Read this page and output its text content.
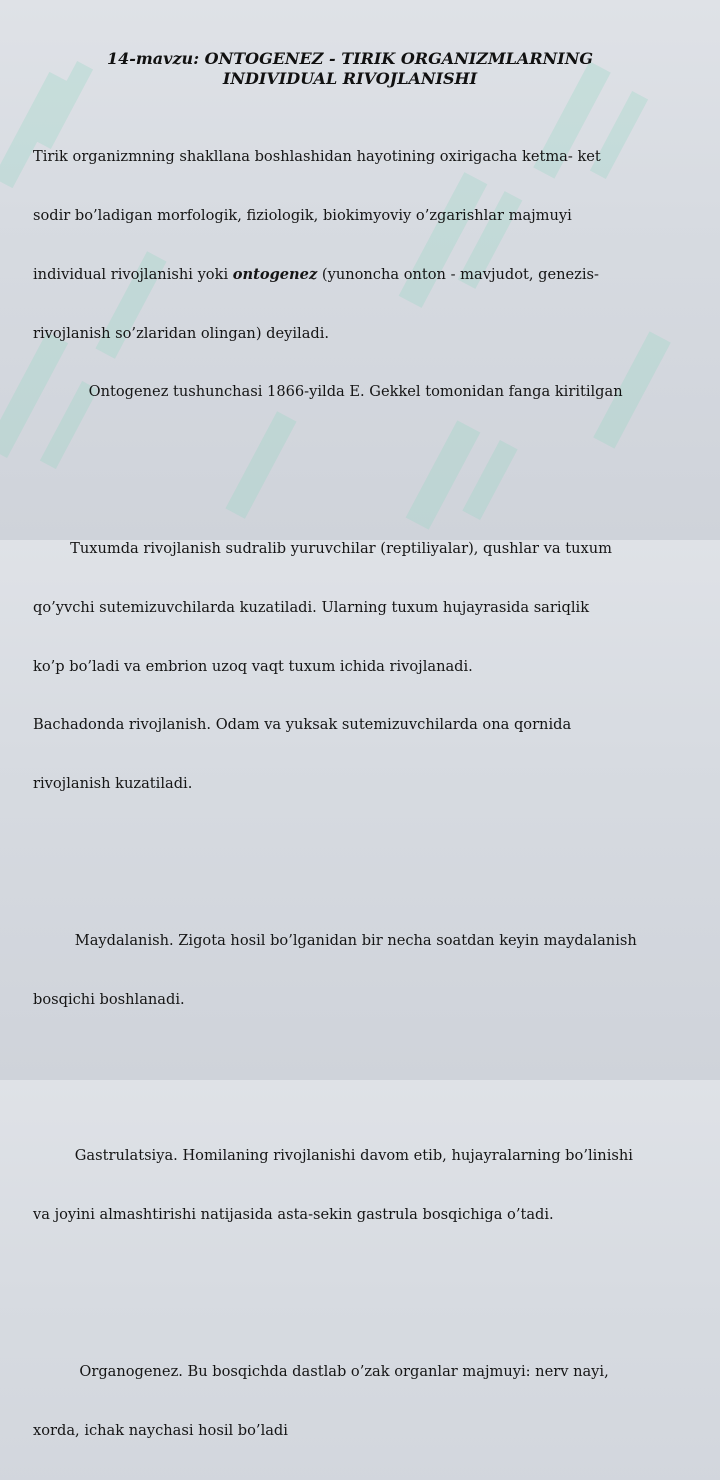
14-mavzu: ONTOGENEZ - TIRIK ORGANIZMLARNING

INDIVIDUAL RIVOJLANISHI

Tirik organizmning shakllana boshlashidan hayotining oxirigacha ketma- ket

sodir bo’ladigan morfologik, fiziologik, biokimyoviy o’zgarishlar majmuyi

individual rivojlanishi yoki ontogenez (yunoncha onton - mavjudot, genezis-

rivojlanish so’zlaridan olingan) deyiladi.

Ontogenez tushunchasi 1866-yilda E. Gekkel tomonidan fanga kiritilgan

Tuxumda rivojlanish sudralib yuruvchilar (reptiliyalar), qushlar va tuxum

qo’yvchi sutemizuvchilarda kuzatiladi. Ularning tuxum hujayrasida sariqlik

ko’p bo’ladi va embrion uzoq vaqt tuxum ichida rivojlanadi.

Bachadonda rivojlanish. Odam va yuksak sutemizuvchilarda ona qornida

rivojlanish kuzatiladi.

Maydalanish. Zigota hosil bo’lganidan bir necha soatdan keyin maydalanish

bosqichi boshlanadi.

Gastrulatsiya. Homilaning rivojlanishi davom etib, hujayralarning bo’linishi

va joyini almashtirishi natijasida asta-sekin gastrula bosqichiga o’tadi.

Organogenez. Bu bosqichda dastlab o’zak organlar majmuyi: nerv nayi,

xorda, ichak naychasi hosil bo’ladi
